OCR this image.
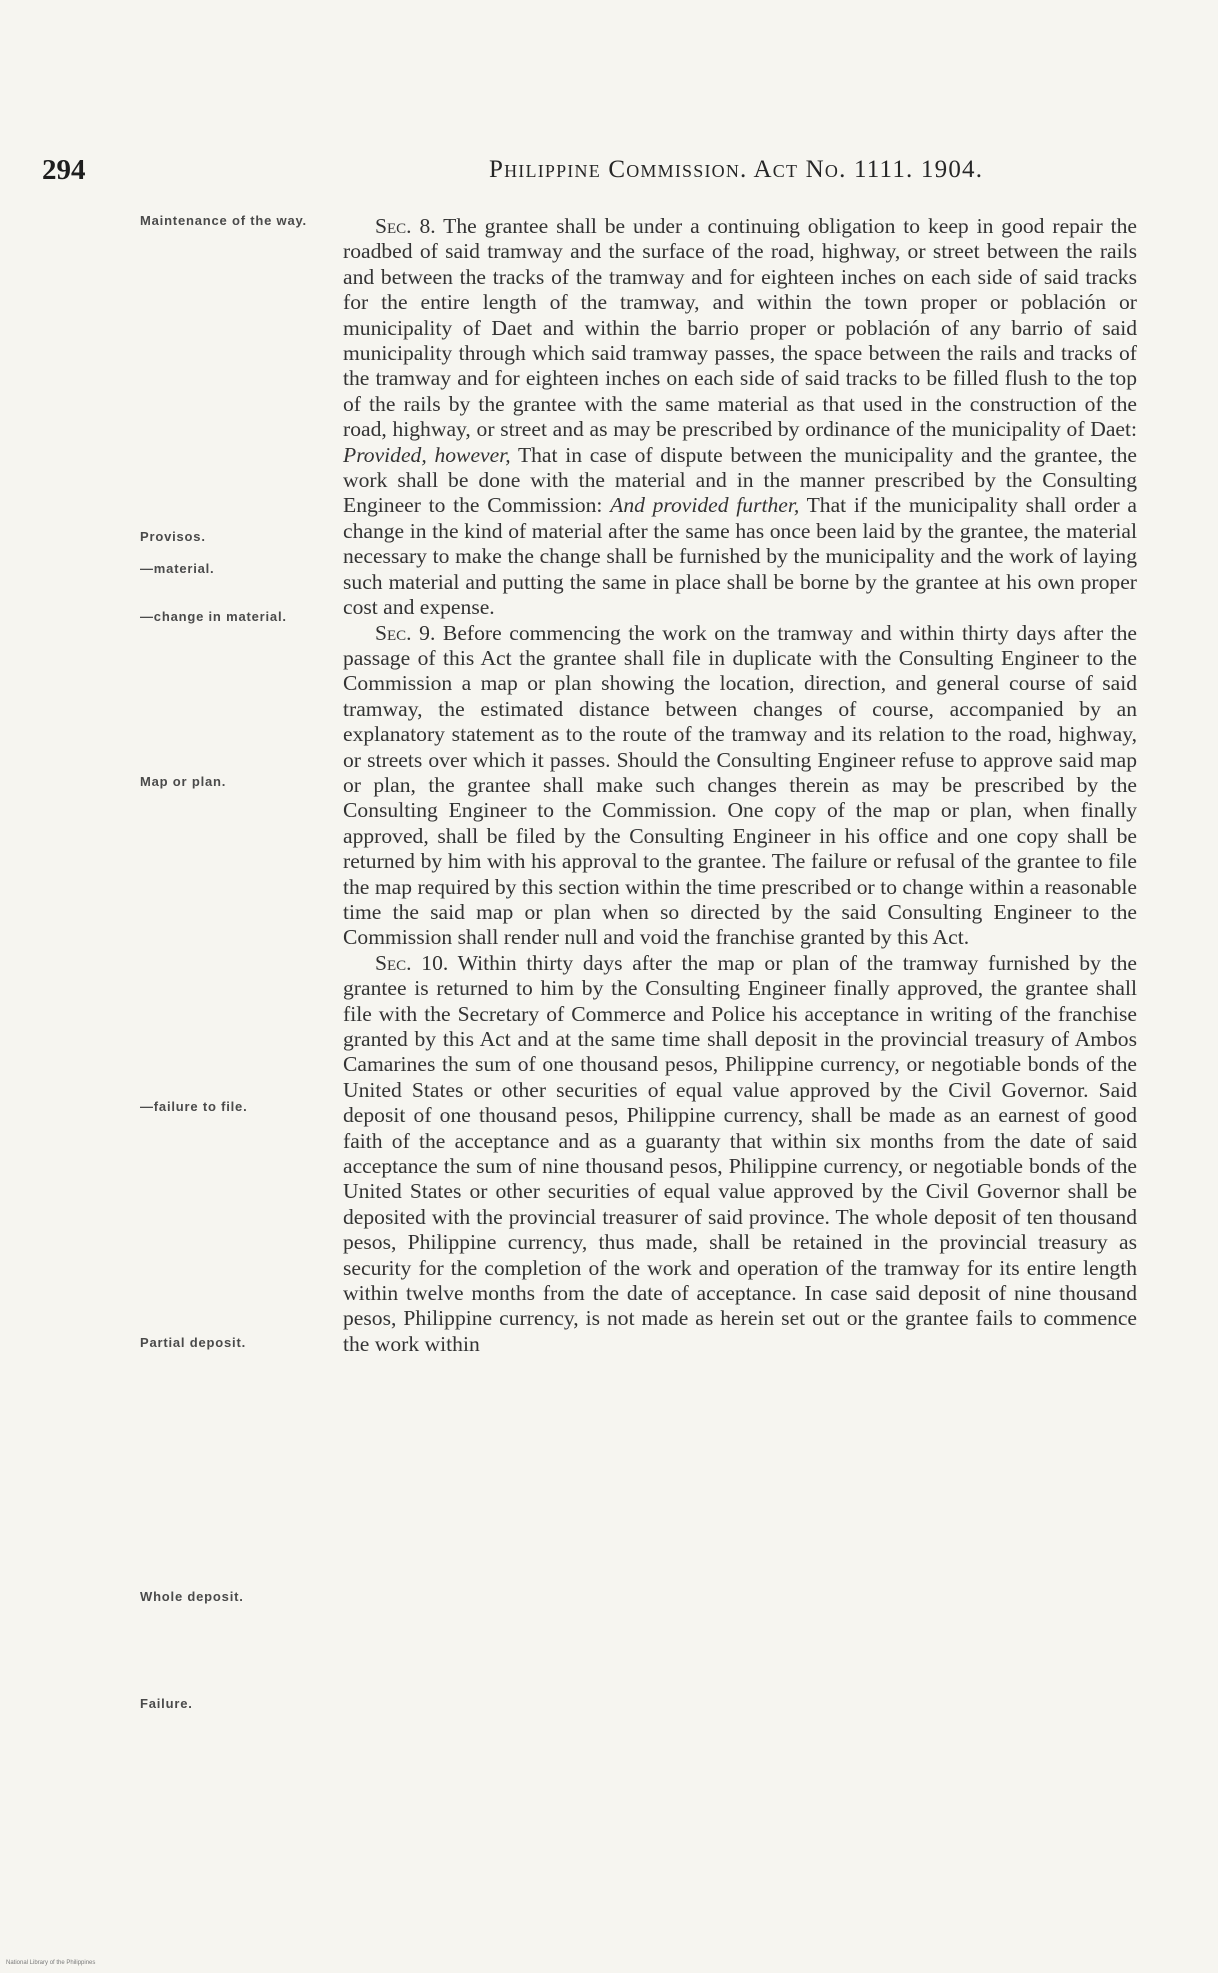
294	Philippine Commission. Act No. 1111. 1904.
Maintenance of the way.
Provisos.
—material.
—change in material.
Map or plan.
—failure to file.
Partial deposit.
Whole deposit.
Failure.

Sec. 8. The grantee shall be under a continuing obligation to keep in good repair the roadbed of said tramway and the surface of the road, highway, or street between the rails and between the tracks of the tramway and for eighteen inches on each side of said tracks for the entire length of the tramway, and within the town proper or población or municipality of Daet and within the barrio proper or población of any barrio of said municipality through which said tramway passes, the space between the rails and tracks of the tramway and for eighteen inches on each side of said tracks to be filled flush to the top of the rails by the grantee with the same material as that used in the construction of the road, highway, or street and as may be prescribed by ordinance of the municipality of Daet: Provided, however, That in case of dispute between the municipality and the grantee, the work shall be done with the material and in the manner prescribed by the Consulting Engineer to the Commission: And provided further, That if the municipality shall order a change in the kind of material after the same has once been laid by the grantee, the material necessary to make the change shall be furnished by the municipality and the work of laying such material and putting the same in place shall be borne by the grantee at his own proper cost and expense.

Sec. 9. Before commencing the work on the tramway and within thirty days after the passage of this Act the grantee shall file in duplicate with the Consulting Engineer to the Commission a map or plan showing the location, direction, and general course of said tramway, the estimated distance between changes of course, accompanied by an explanatory statement as to the route of the tramway and its relation to the road, highway, or streets over which it passes. Should the Consulting Engineer refuse to approve said map or plan, the grantee shall make such changes therein as may be prescribed by the Consulting Engineer to the Commission. One copy of the map or plan, when finally approved, shall be filed by the Consulting Engineer in his office and one copy shall be returned by him with his approval to the grantee. The failure or refusal of the grantee to file the map required by this section within the time prescribed or to change within a reasonable time the said map or plan when so directed by the said Consulting Engineer to the Commission shall render null and void the franchise granted by this Act.

Sec. 10. Within thirty days after the map or plan of the tramway furnished by the grantee is returned to him by the Consulting Engineer finally approved, the grantee shall file with the Secretary of Commerce and Police his acceptance in writing of the franchise granted by this Act and at the same time shall deposit in the provincial treasury of Ambos Camarines the sum of one thousand pesos, Philippine currency, or negotiable bonds of the United States or other securities of equal value approved by the Civil Governor. Said deposit of one thousand pesos, Philippine currency, shall be made as an earnest of good faith of the acceptance and as a guaranty that within six months from the date of said acceptance the sum of nine thousand pesos, Philippine currency, or negotiable bonds of the United States or other securities of equal value approved by the Civil Governor shall be deposited with the provincial treasurer of said province. The whole deposit of ten thousand pesos, Philippine currency, thus made, shall be retained in the provincial treasury as security for the completion of the work and operation of the tramway for its entire length within twelve months from the date of acceptance. In case said deposit of nine thousand pesos, Philippine currency, is not made as herein set out or the grantee fails to commence the work within

National Library of the Philippines
